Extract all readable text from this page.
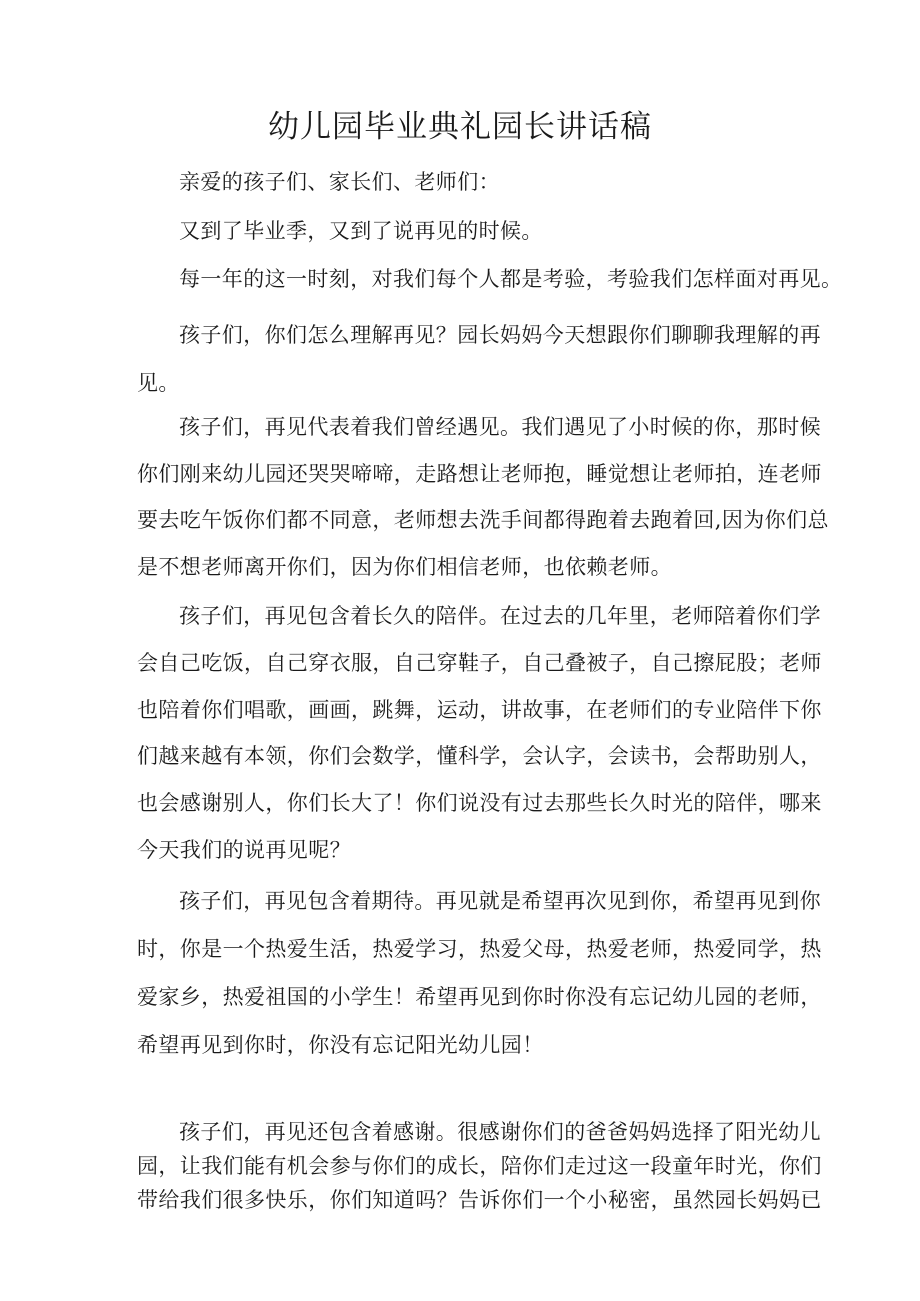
幼儿园毕业典礼园长讲话稿

亲爱的孩子们、家长们、老师们：

又到了毕业季，又到了说再见的时候。

每一年的这一时刻，对我们每个人都是考验，考验我们怎样面对再见。

孩子们，你们怎么理解再见？园长妈妈今天想跟你们聊聊我理解的再
见。

孩子们，再见代表着我们曾经遇见。我们遇见了小时候的你，那时候
你们刚来幼儿园还哭哭啼啼，走路想让老师抱，睡觉想让老师拍，连老师
要去吃午饭你们都不同意，老师想去洗手间都得跑着去跑着回,因为你们总
是不想老师离开你们，因为你们相信老师，也依赖老师。

孩子们，再见包含着长久的陪伴。在过去的几年里，老师陪着你们学
会自己吃饭，自己穿衣服，自己穿鞋子，自己叠被子，自己擦屁股；老师
也陪着你们唱歌，画画，跳舞，运动，讲故事，在老师们的专业陪伴下你
们越来越有本领，你们会数学，懂科学，会认字，会读书，会帮助别人，
也会感谢别人，你们长大了！你们说没有过去那些长久时光的陪伴，哪来
今天我们的说再见呢？

孩子们，再见包含着期待。再见就是希望再次见到你，希望再见到你
时，你是一个热爱生活，热爱学习，热爱父母，热爱老师，热爱同学，热
爱家乡，热爱祖国的小学生！希望再见到你时你没有忘记幼儿园的老师，
希望再见到你时，你没有忘记阳光幼儿园！

孩子们，再见还包含着感谢。很感谢你们的爸爸妈妈选择了阳光幼儿
园，让我们能有机会参与你们的成长，陪你们走过这一段童年时光，你们
带给我们很多快乐，你们知道吗？告诉你们一个小秘密，虽然园长妈妈已
